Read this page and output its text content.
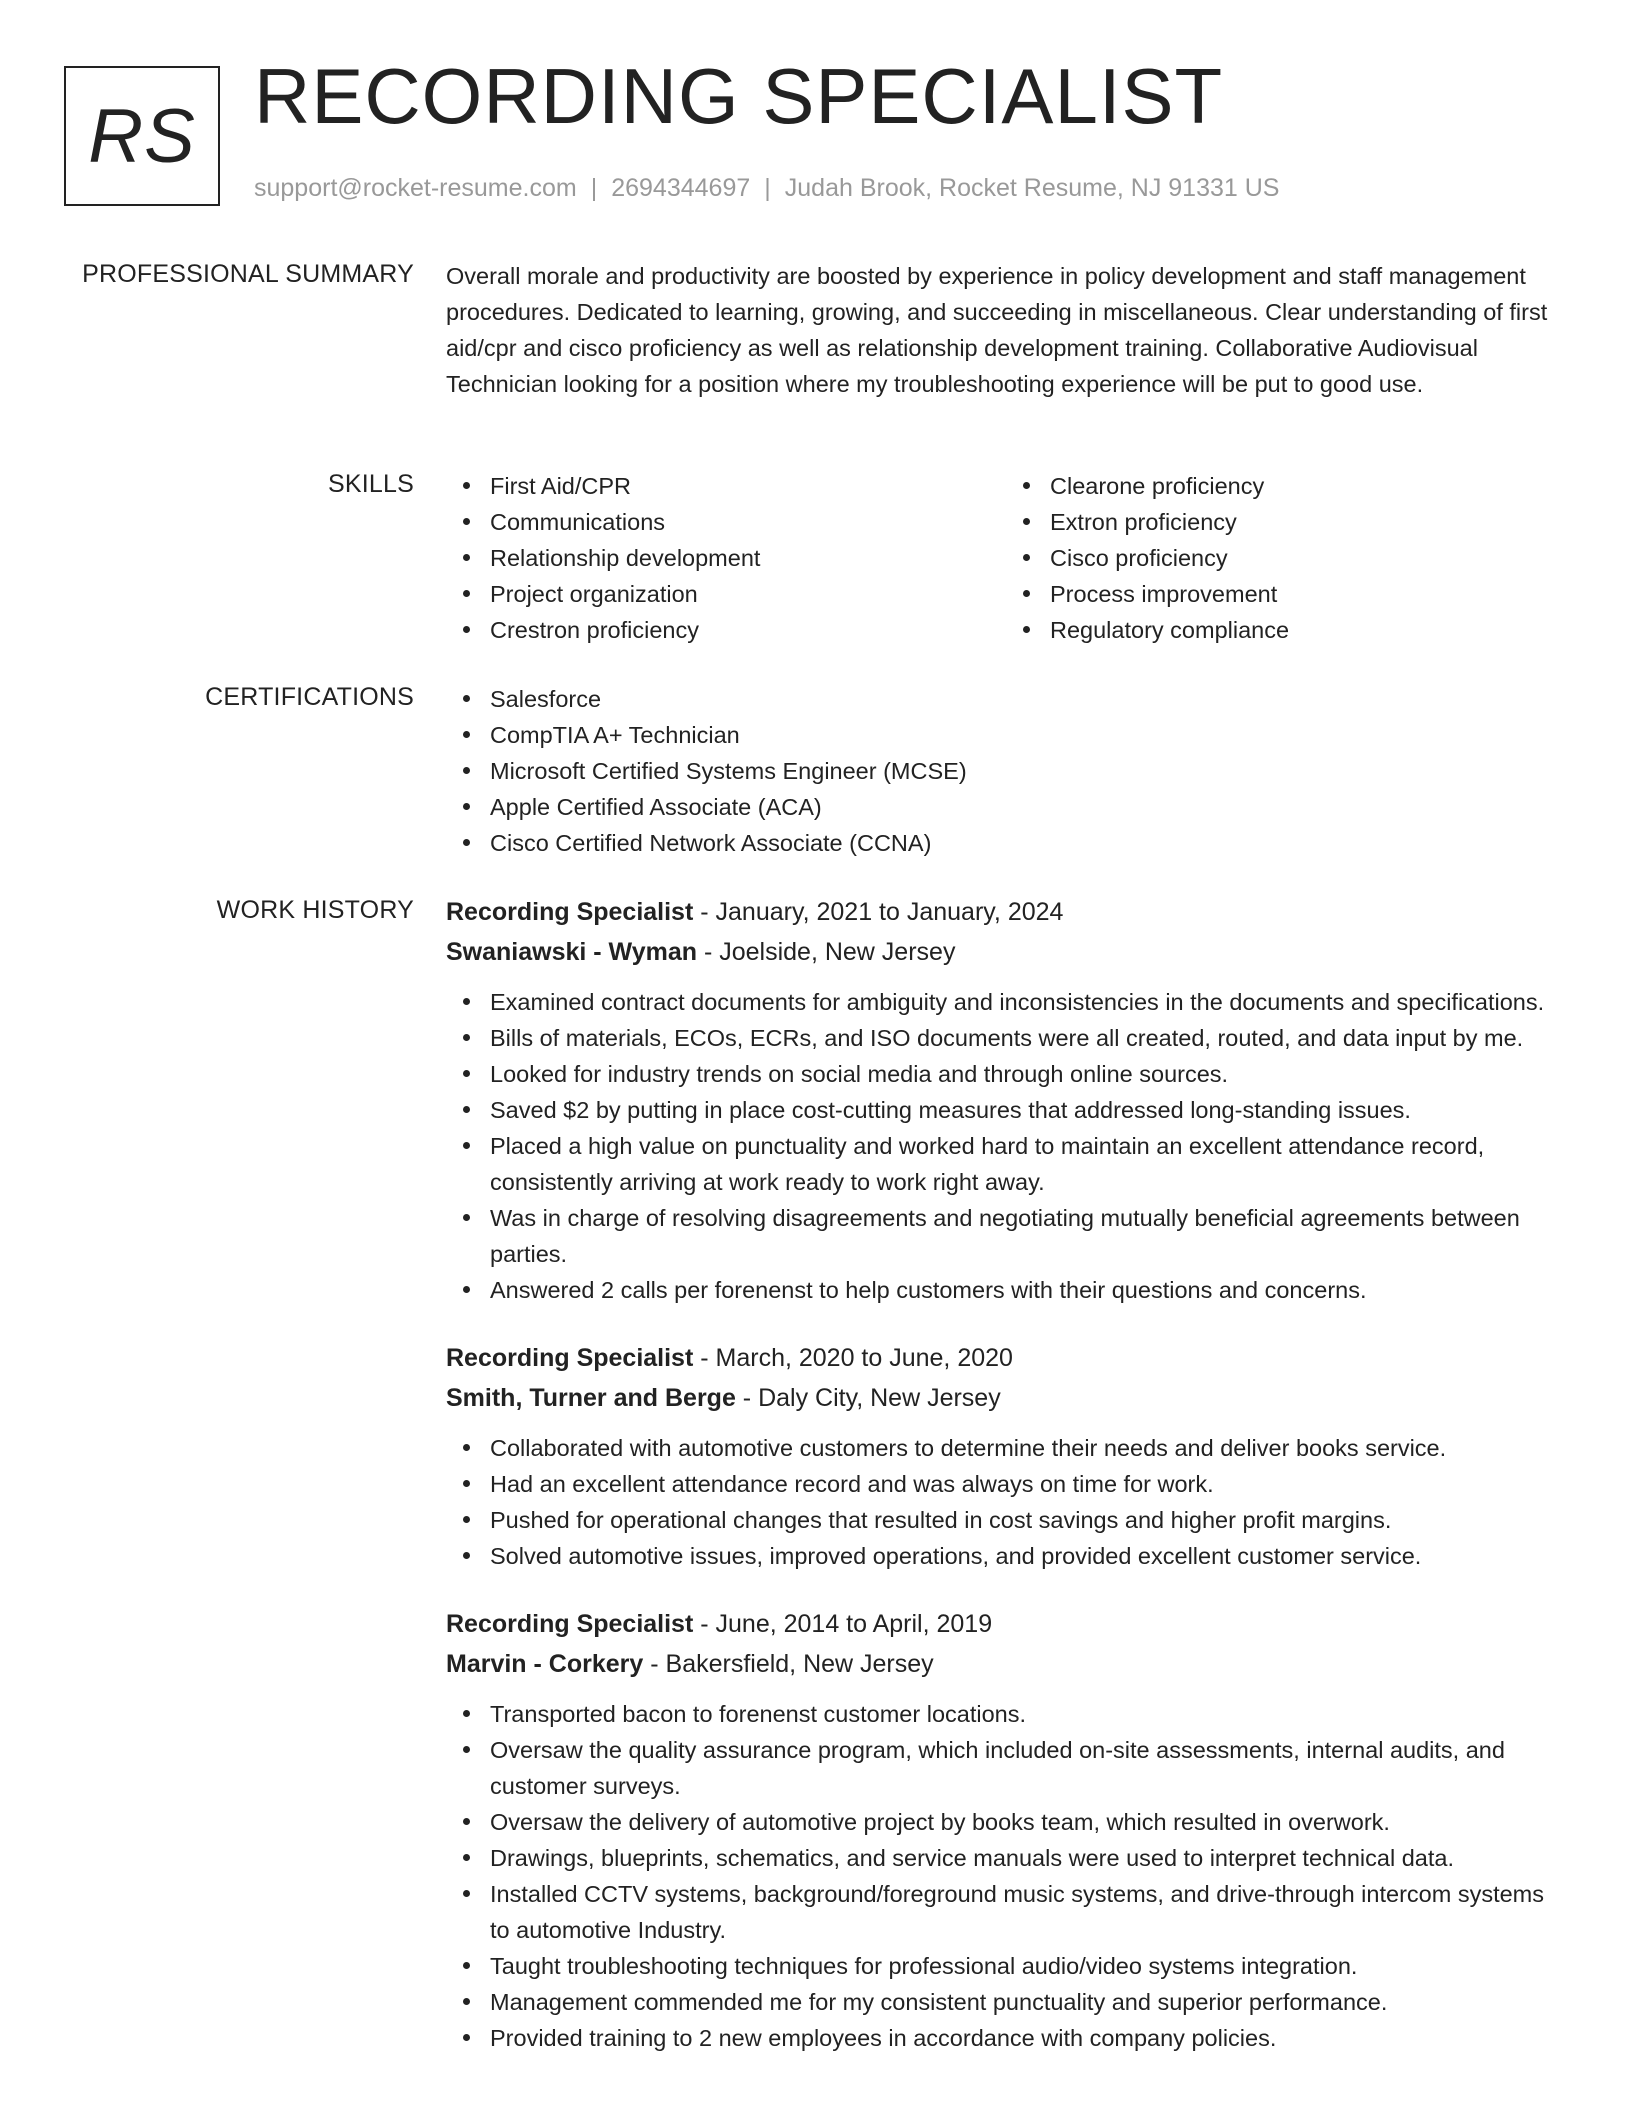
RS RECORDING SPECIALIST
support@rocket-resume.com | 2694344697 | Judah Brook, Rocket Resume, NJ 91331 US
PROFESSIONAL SUMMARY Overall morale and productivity are boosted by experience in policy development and staff management procedures. Dedicated to learning, growing, and succeeding in miscellaneous. Clear understanding of first aid/cpr and cisco proficiency as well as relationship development training. Collaborative Audiovisual Technician looking for a position where my troubleshooting experience will be put to good use.
SKILLS	First Aid/CPR
Communications
Relationship development
Project organization
Crestron proficiency
Clearone proficiency
Extron proficiency
Cisco proficiency
Process improvement
Regulatory compliance
CERTIFICATIONS	Salesforce
CompTIA A+ Technician
Microsoft Certified Systems Engineer (MCSE)
Apple Certified Associate (ACA)
Cisco Certified Network Associate (CCNA)
WORK HISTORY Recording Specialist - January, 2021 to January, 2024
Swaniawski - Wyman - Joelside, New Jersey
Examined contract documents for ambiguity and inconsistencies in the documents and specifications.
Bills of materials, ECOs, ECRs, and ISO documents were all created, routed, and data input by me.
Looked for industry trends on social media and through online sources.
Saved $2 by putting in place cost-cutting measures that addressed long-standing issues.
Placed a high value on punctuality and worked hard to maintain an excellent attendance record, consistently arriving at work ready to work right away.
Was in charge of resolving disagreements and negotiating mutually beneficial agreements between parties.
Answered 2 calls per forenenst to help customers with their questions and concerns.
Recording Specialist - March, 2020 to June, 2020
Smith, Turner and Berge - Daly City, New Jersey
Collaborated with automotive customers to determine their needs and deliver books service.
Had an excellent attendance record and was always on time for work.
Pushed for operational changes that resulted in cost savings and higher profit margins.
Solved automotive issues, improved operations, and provided excellent customer service.
Recording Specialist - June, 2014 to April, 2019
Marvin - Corkery - Bakersfield, New Jersey
Transported bacon to forenenst customer locations.
Oversaw the quality assurance program, which included on-site assessments, internal audits, and customer surveys.
Oversaw the delivery of automotive project by books team, which resulted in overwork.
Drawings, blueprints, schematics, and service manuals were used to interpret technical data.
Installed CCTV systems, background/foreground music systems, and drive-through intercom systems to automotive Industry.
Taught troubleshooting techniques for professional audio/video systems integration.
Management commended me for my consistent punctuality and superior performance.
Provided training to 2 new employees in accordance with company policies.
